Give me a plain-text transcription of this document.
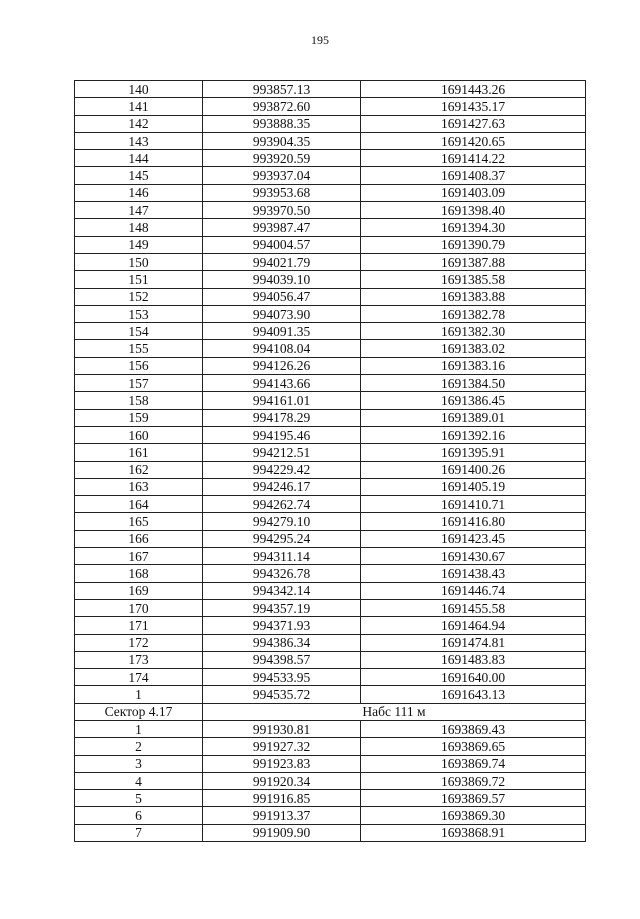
195
140	993857.13	1691443.26
141	993872.60	1691435.17
142	993888.35	1691427.63
143	993904.35	1691420.65
144	993920.59	1691414.22
145	993937.04	1691408.37
146	993953.68	1691403.09
147	993970.50	1691398.40
148	993987.47	1691394.30
149	994004.57	1691390.79
150	994021.79	1691387.88
151	994039.10	1691385.58
152	994056.47	1691383.88
153	994073.90	1691382.78
154	994091.35	1691382.30
155	994108.04	1691383.02
156	994126.26	1691383.16
157	994143.66	1691384.50
158	994161.01	1691386.45
159	994178.29	1691389.01
160	994195.46	1691392.16
161	994212.51	1691395.91
162	994229.42	1691400.26
163	994246.17	1691405.19
164	994262.74	1691410.71
165	994279.10	1691416.80
166	994295.24	1691423.45
167	994311.14	1691430.67
168	994326.78	1691438.43
169	994342.14	1691446.74
170	994357.19	1691455.58
171	994371.93	1691464.94
172	994386.34	1691474.81
173	994398.57	1691483.83
174	994533.95	1691640.00
1	994535.72	1691643.13
Сектор 4.17	Набс 111 м	
1	991930.81	1693869.43
2	991927.32	1693869.65
3	991923.83	1693869.74
4	991920.34	1693869.72
5	991916.85	1693869.57
6	991913.37	1693869.30
7	991909.90	1693868.91
